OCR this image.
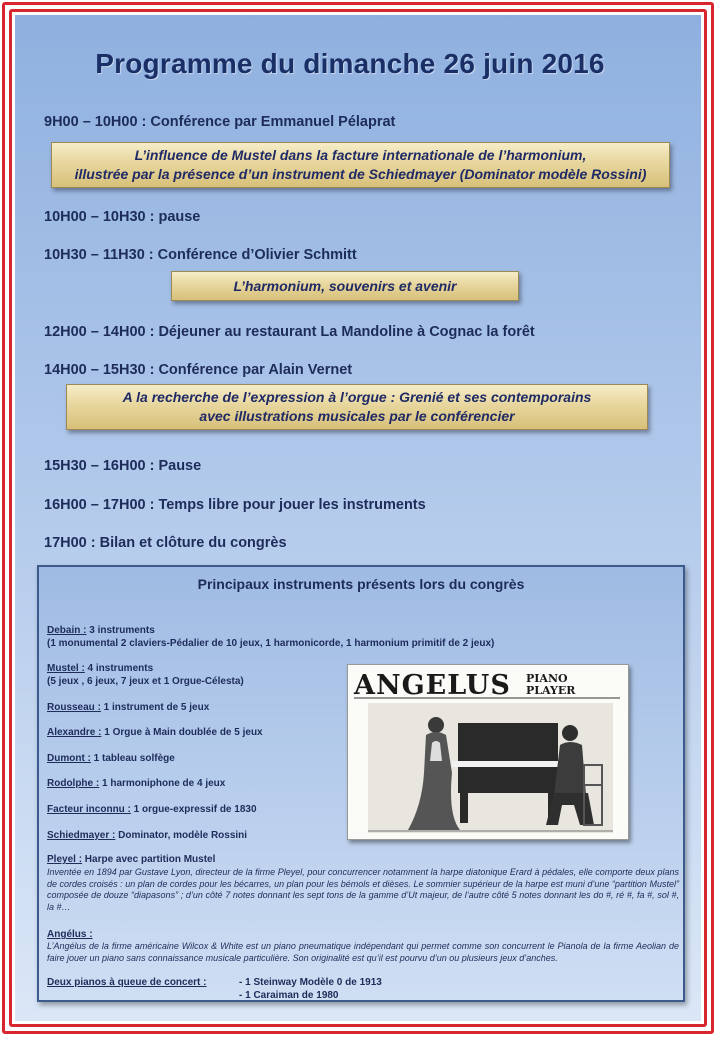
Programme du dimanche 26 juin 2016
9H00 – 10H00 : Conférence par Emmanuel Pélaprat
L’influence de Mustel dans la facture internationale de l’harmonium,
illustrée par la présence d’un instrument de Schiedmayer (Dominator modèle Rossini)
10H00 – 10H30 : pause
10H30 – 11H30 : Conférence d’Olivier Schmitt
L’harmonium, souvenirs et avenir
12H00 – 14H00 : Déjeuner au restaurant La Mandoline à Cognac la forêt
14H00 – 15H30 : Conférence par Alain Vernet
A la recherche de l’expression à l’orgue : Grenié et ses contemporains
avec illustrations musicales par le conférencier
15H30 – 16H00 : Pause
16H00 – 17H00 : Temps libre pour jouer les instruments
17H00 : Bilan et clôture du congrès
Principaux instruments présents lors du congrès
Debain : 3 instruments
(1 monumental 2 claviers-Pédalier de 10 jeux, 1 harmonicorde, 1 harmonium primitif de 2 jeux)
Mustel : 4 instruments
(5 jeux , 6 jeux, 7 jeux et 1 Orgue-Célesta)
Rousseau : 1 instrument de 5 jeux
Alexandre : 1 Orgue à Main doublée de 5 jeux
Dumont : 1 tableau solfège
Rodolphe : 1 harmoniphone de 4 jeux
Facteur inconnu : 1 orgue-expressif de 1830
Schiedmayer : Dominator, modèle Rossini
Pleyel : Harpe avec partition Mustel
Inventée en 1894 par Gustave Lyon, directeur de la firme Pleyel, pour concurrencer notamment la harpe diatonique Erard à pédales, elle comporte deux plans de cordes croisés : un plan de cordes pour les bécarres, un plan pour les bémols et dièses. Le sommier supérieur de la harpe est muni d’une “partition Mustel” composée de douze “diapasons” ; d’un côté 7 notes donnant les sept tons de la gamme d’Ut majeur, de l’autre côté 5 notes donnant les do #, ré #, fa #, sol #, la #…
Angélus :
L’Angélus de la firme américaine Wilcox & White est un piano pneumatique indépendant qui permet comme son concurrent le Pianola de la firme Aeolian de faire jouer un piano sans connaissance musicale particulière. Son originalité est qu’il est pourvu d’un ou plusieurs jeux d’anches.
Deux pianos à queue de concert :	- 1 Steinway Modèle 0 de 1913
- 1 Caraiman de 1980
ANGELUS PIANO
PLAYER
